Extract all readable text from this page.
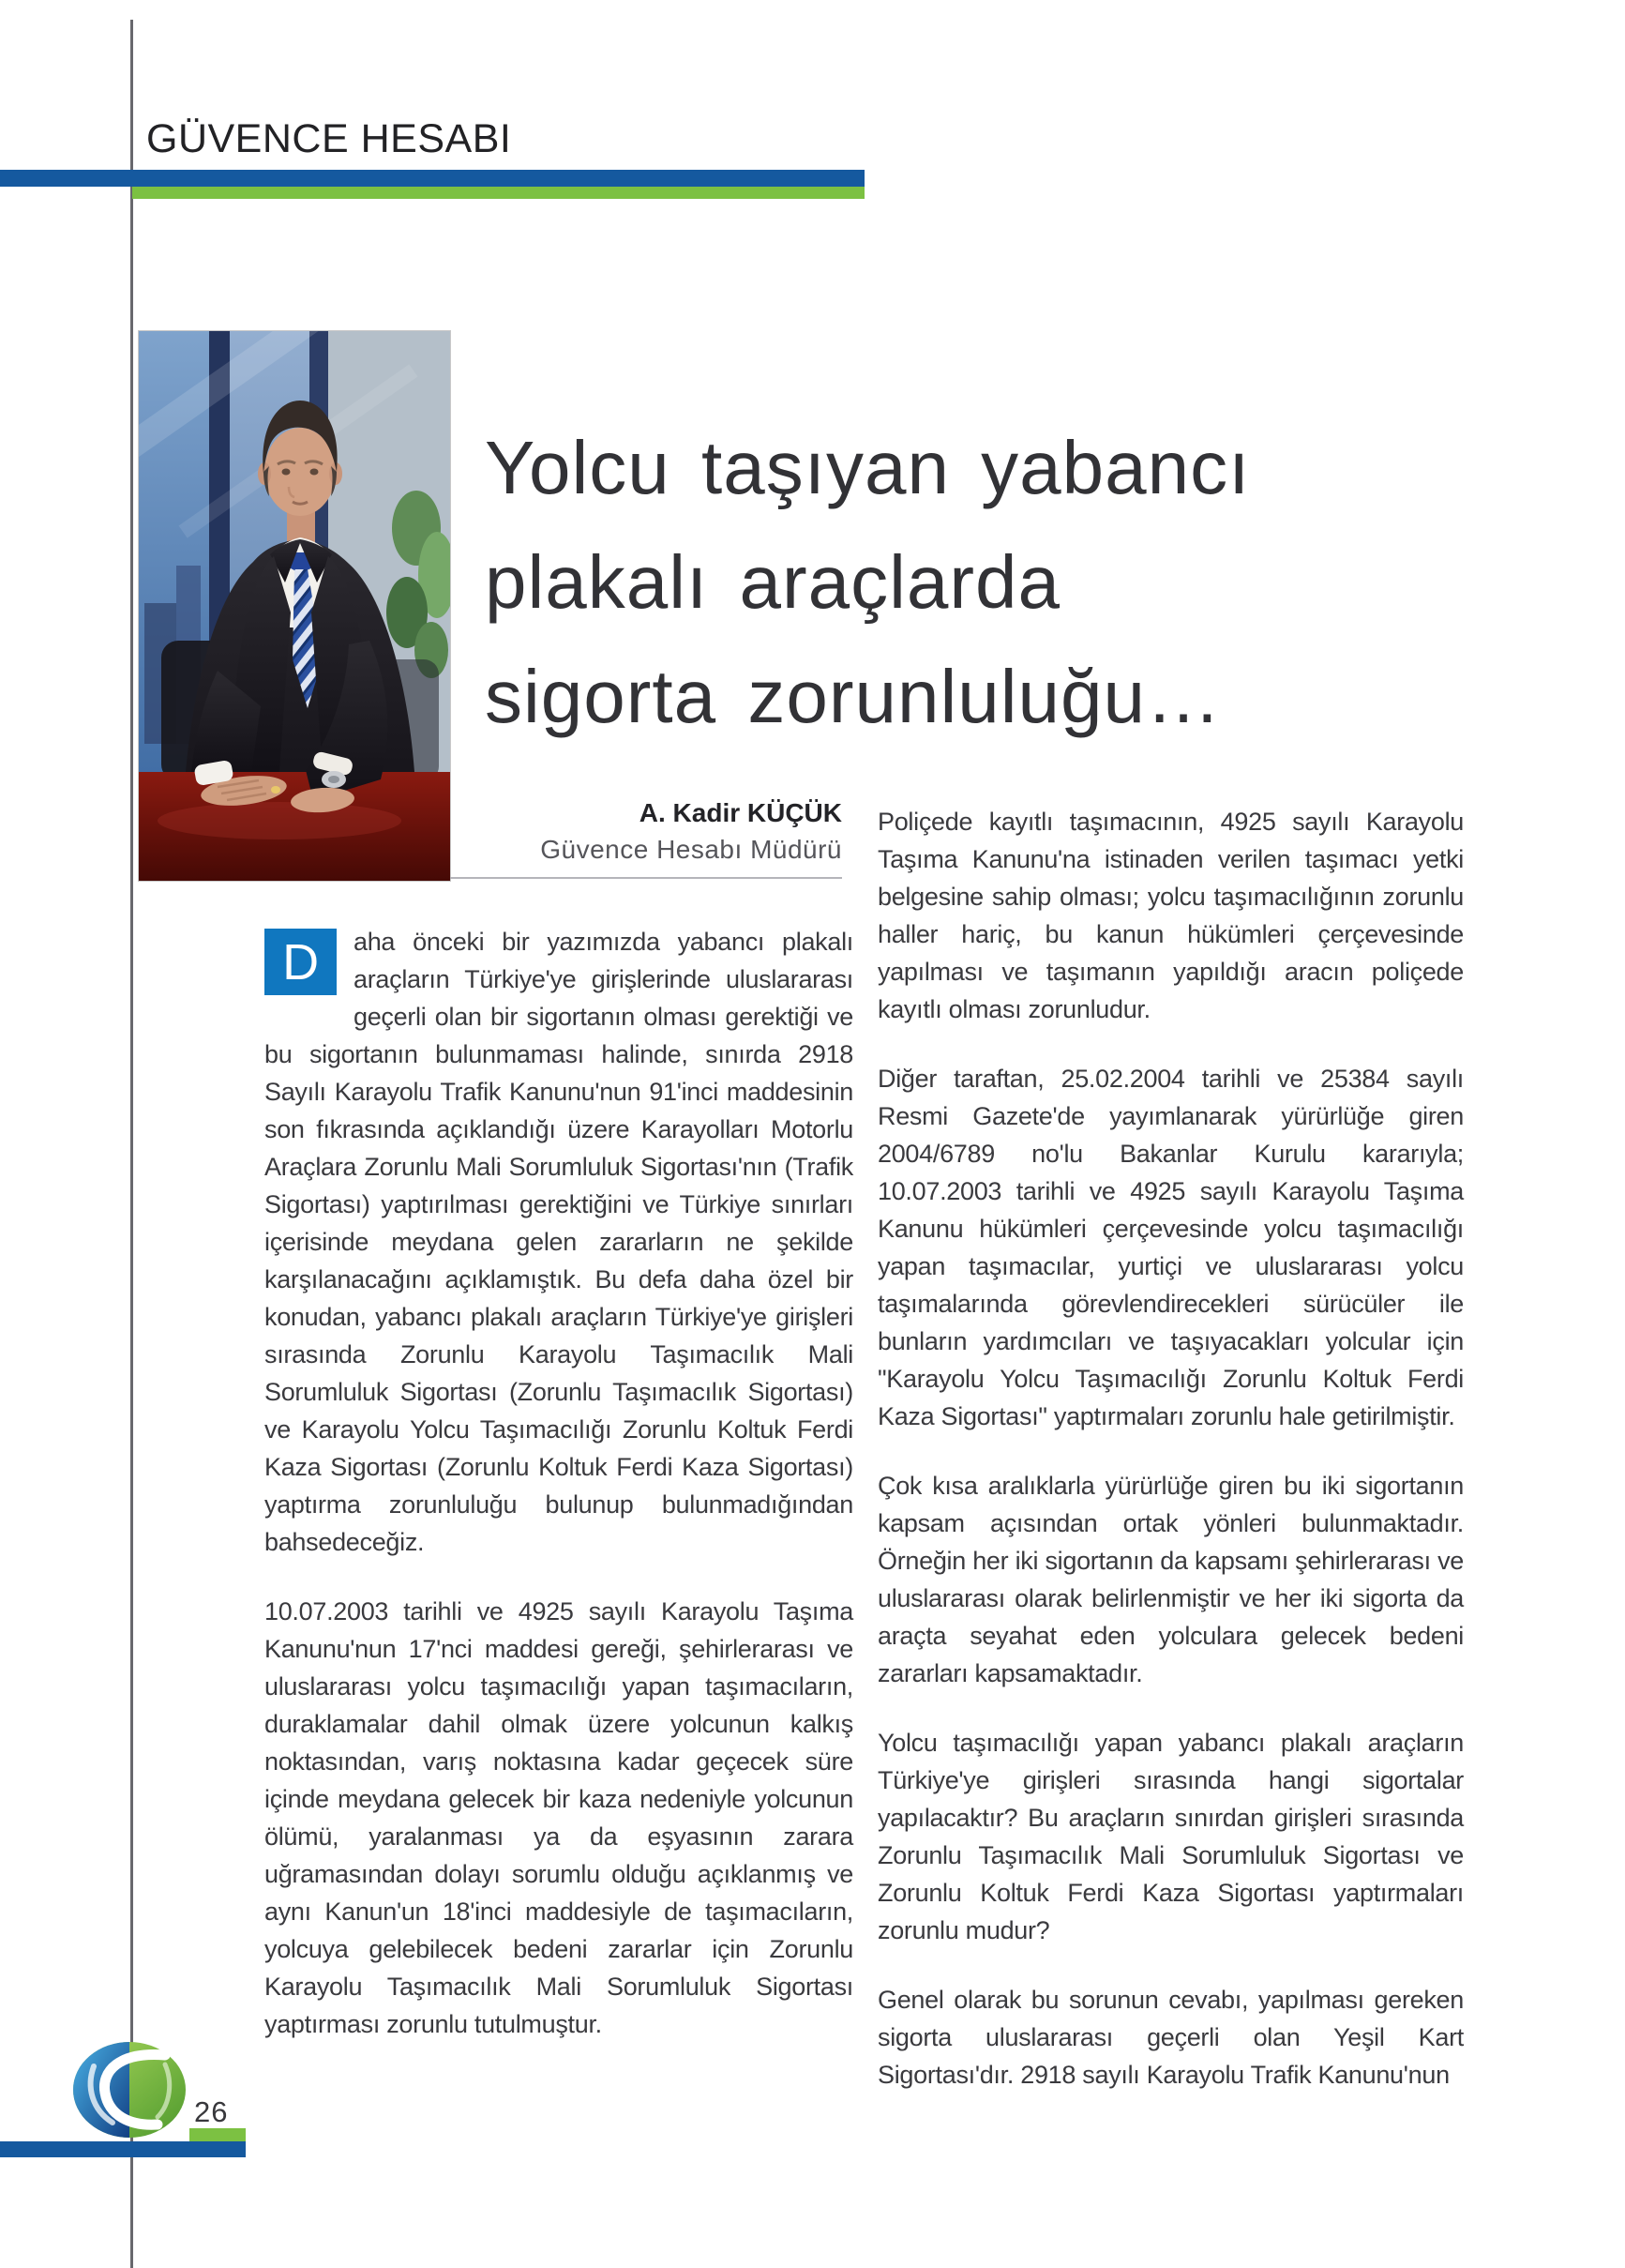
GÜVENCE HESABI
Yolcu taşıyan yabancı
plakalı araçlarda
sigorta zorunluluğu…
A. Kadir KÜÇÜK
Güvence Hesabı Müdürü

D	aha önceki bir yazımızda yabancı plakalı araçların Türkiye'ye girişlerinde uluslararası geçerli olan bir sigortanın olması gerektiği ve bu sigortanın bulunmaması halinde, sınırda 2918 Sayılı Karayolu Trafik Kanunu'nun 91'inci maddesinin son fıkrasında açıklandığı üzere Karayolları Motorlu Araçlara Zorunlu Mali Sorumluluk Sigortası'nın (Trafik Sigortası) yaptırılması gerektiğini ve Türkiye sınırları içerisinde meydana gelen zararların ne şekilde karşılanacağını açıklamıştık. Bu defa daha özel bir konudan, yabancı plakalı araçların Türkiye'ye girişleri sırasında Zorunlu Karayolu Taşımacılık Mali Sorumluluk Sigortası (Zorunlu Taşımacılık Sigortası) ve Karayolu Yolcu Taşımacılığı Zorunlu Koltuk Ferdi Kaza Sigortası (Zorunlu Koltuk Ferdi Kaza Sigortası) yaptırma zorunluluğu bulunup bulunmadığından bahsedeceğiz.

10.07.2003 tarihli ve 4925 sayılı Karayolu Taşıma Kanunu'nun 17'nci maddesi gereği, şehirlerarası ve uluslararası yolcu taşımacılığı yapan taşımacıların, duraklamalar dahil olmak üzere yolcunun kalkış noktasından, varış noktasına kadar geçecek süre içinde meydana gelecek bir kaza nedeniyle yolcunun ölümü, yaralanması ya da eşyasının zarara uğramasından dolayı sorumlu olduğu açıklanmış ve aynı Kanun'un 18'inci maddesiyle de taşımacıların, yolcuya gelebilecek bedeni zararlar için Zorunlu Karayolu Taşımacılık Mali Sorumluluk Sigortası yaptırması zorunlu tutulmuştur.

Poliçede kayıtlı taşımacının, 4925 sayılı Karayolu Taşıma Kanunu'na istinaden verilen taşımacı yetki belgesine sahip olması; yolcu taşımacılığının zorunlu haller hariç, bu kanun hükümleri çerçevesinde yapılması ve taşımanın yapıldığı aracın poliçede kayıtlı olması zorunludur.

Diğer taraftan, 25.02.2004 tarihli ve 25384 sayılı Resmi Gazete'de yayımlanarak yürürlüğe giren 2004/6789 no'lu Bakanlar Kurulu kararıyla; 10.07.2003 tarihli ve 4925 sayılı Karayolu Taşıma Kanunu hükümleri çerçevesinde yolcu taşımacılığı yapan taşımacılar, yurtiçi ve uluslararası yolcu taşımalarında görevlendirecekleri sürücüler ile bunların yardımcıları ve taşıyacakları yolcular için "Karayolu Yolcu Taşımacılığı Zorunlu Koltuk Ferdi Kaza Sigortası" yaptırmaları zorunlu hale getirilmiştir.

Çok kısa aralıklarla yürürlüğe giren bu iki sigortanın kapsam açısından ortak yönleri bulunmaktadır. Örneğin her iki sigortanın da kapsamı şehirlerarası ve uluslararası olarak belirlenmiştir ve her iki sigorta da araçta seyahat eden yolculara gelecek bedeni zararları kapsamaktadır.

Yolcu taşımacılığı yapan yabancı plakalı araçların Türkiye'ye girişleri sırasında hangi sigortalar yapılacaktır? Bu araçların sınırdan girişleri sırasında Zorunlu Taşımacılık Mali Sorumluluk Sigortası ve Zorunlu Koltuk Ferdi Kaza Sigortası yaptırmaları zorunlu mudur?

Genel olarak bu sorunun cevabı, yapılması gereken sigorta uluslararası geçerli olan Yeşil Kart Sigortası'dır. 2918 sayılı Karayolu Trafik Kanunu'nun

26
